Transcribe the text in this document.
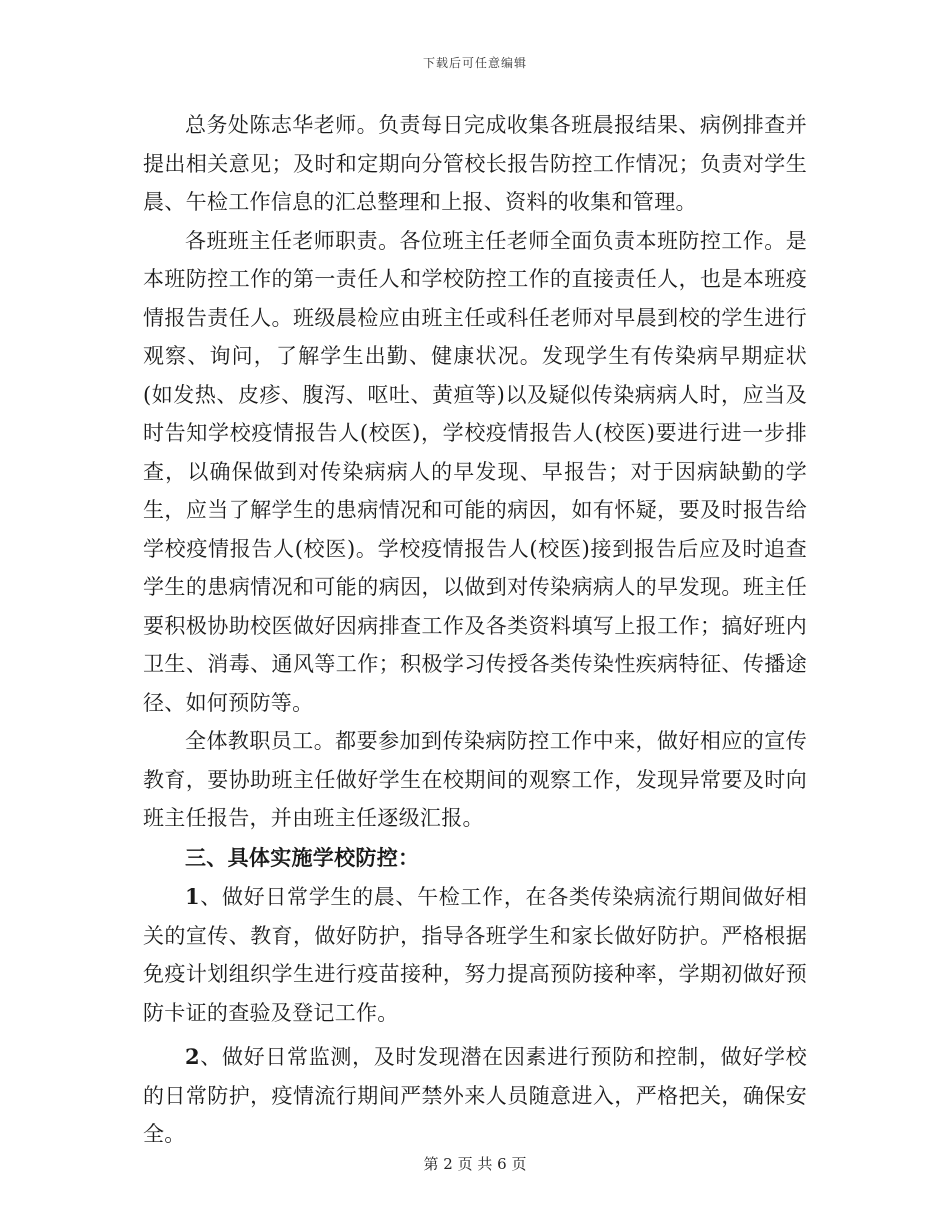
下载后可任意编辑

总务处陈志华老师。负责每日完成收集各班晨报结果、病例排查并提出相关意见；及时和定期向分管校长报告防控工作情况；负责对学生晨、午检工作信息的汇总整理和上报、资料的收集和管理。

各班班主任老师职责。各位班主任老师全面负责本班防控工作。是本班防控工作的第一责任人和学校防控工作的直接责任人，也是本班疫情报告责任人。班级晨检应由班主任或科任老师对早晨到校的学生进行观察、询问，了解学生出勤、健康状况。发现学生有传染病早期症状(如发热、皮疹、腹泻、呕吐、黄疸等)以及疑似传染病病人时，应当及时告知学校疫情报告人(校医)，学校疫情报告人(校医)要进行进一步排查，以确保做到对传染病病人的早发现、早报告；对于因病缺勤的学生，应当了解学生的患病情况和可能的病因，如有怀疑，要及时报告给学校疫情报告人(校医)。学校疫情报告人(校医)接到报告后应及时追查学生的患病情况和可能的病因，以做到对传染病病人的早发现。班主任要积极协助校医做好因病排查工作及各类资料填写上报工作；搞好班内卫生、消毒、通风等工作；积极学习传授各类传染性疾病特征、传播途径、如何预防等。

全体教职员工。都要参加到传染病防控工作中来，做好相应的宣传教育，要协助班主任做好学生在校期间的观察工作，发现异常要及时向班主任报告，并由班主任逐级汇报。

三、具体实施学校防控：

1、做好日常学生的晨、午检工作，在各类传染病流行期间做好相关的宣传、教育，做好防护，指导各班学生和家长做好防护。严格根据免疫计划组织学生进行疫苗接种，努力提高预防接种率，学期初做好预防卡证的查验及登记工作。

2、做好日常监测，及时发现潜在因素进行预防和控制，做好学校的日常防护，疫情流行期间严禁外来人员随意进入，严格把关，确保安全。

第 2 页 共 6 页
